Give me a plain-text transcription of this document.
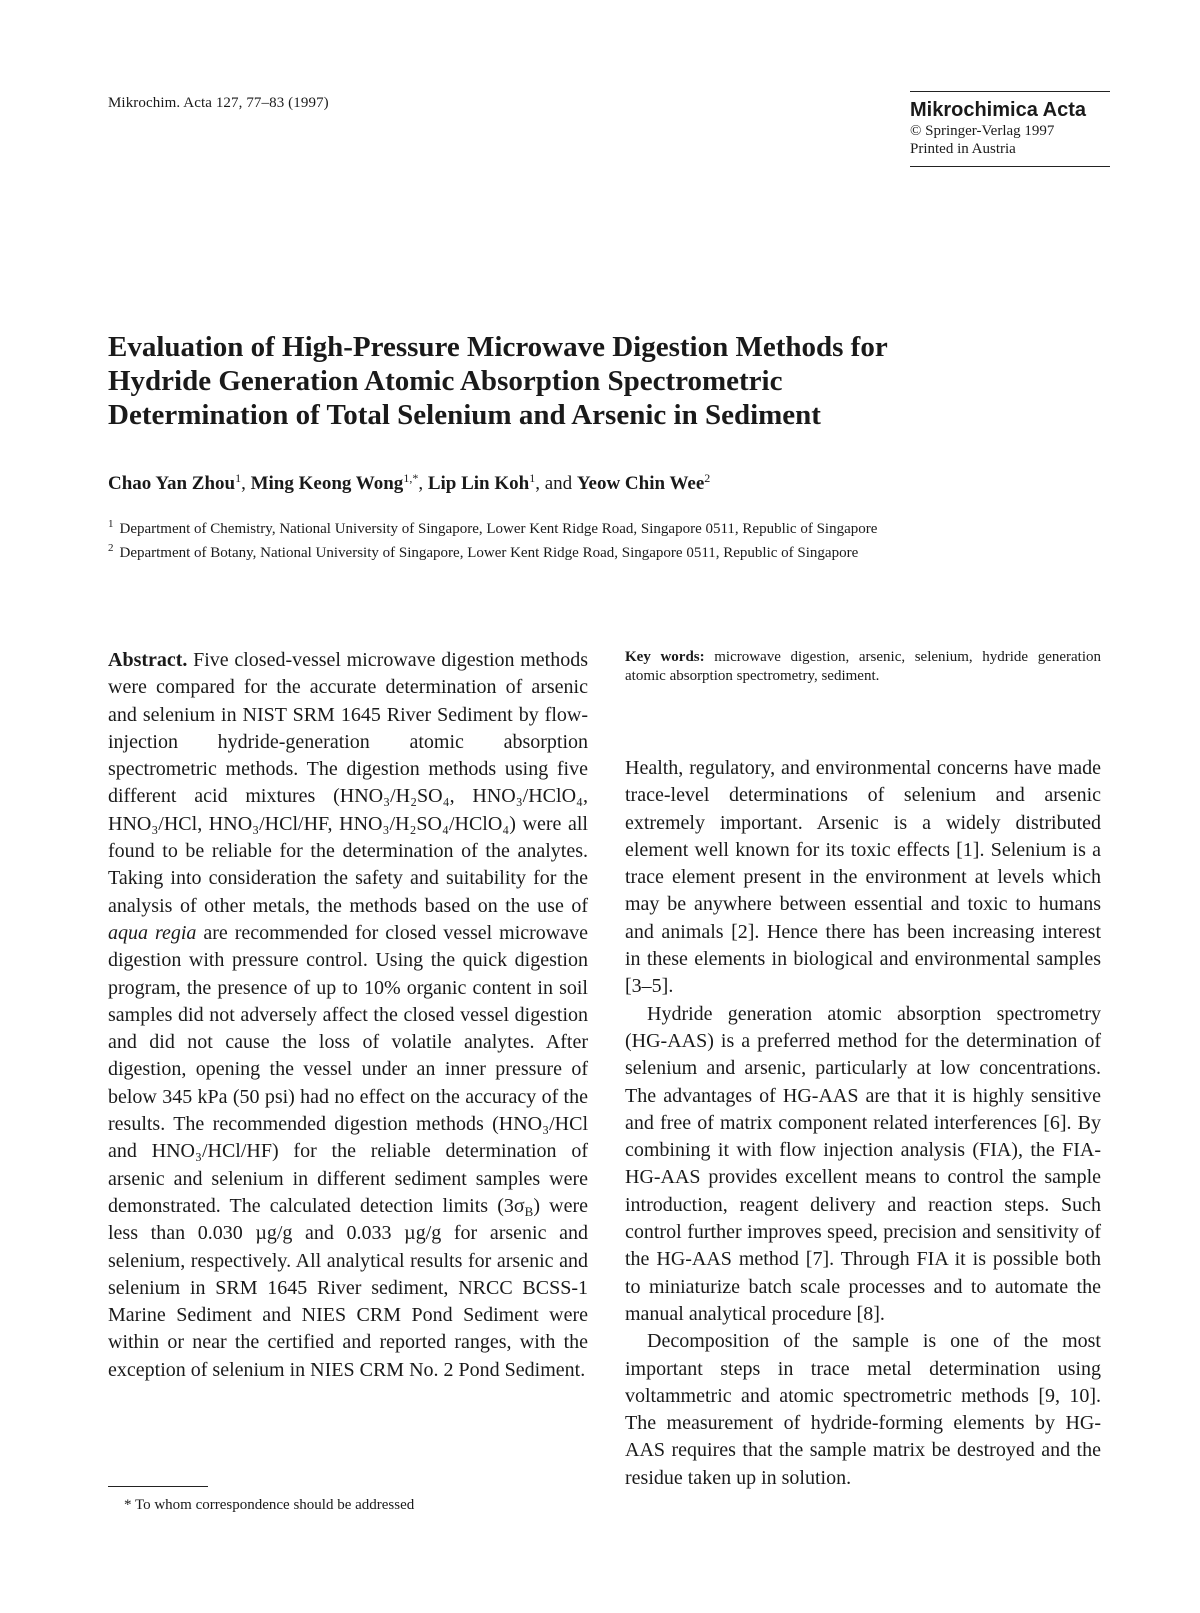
Mikrochim. Acta 127, 77–83 (1997)	Mikrochimica Acta
© Springer-Verlag 1997
Printed in Austria
Evaluation of High-Pressure Microwave Digestion Methods for
Hydride Generation Atomic Absorption Spectrometric
Determination of Total Selenium and Arsenic in Sediment
Chao Yan Zhou$^1$, Ming Keong Wong$^{1,*}$, Lip Lin Koh$^1$, and Yeow Chin Wee$^2$
$^1$ Department of Chemistry, National University of Singapore, Lower Kent Ridge Road, Singapore 0511, Republic of Singapore
$^2$ Department of Botany, National University of Singapore, Lower Kent Ridge Road, Singapore 0511, Republic of Singapore

Abstract. Five closed-vessel microwave digestion methods were compared for the accurate determination of arsenic and selenium in NIST SRM 1645 River Sediment by flow-injection hydride-generation atomic absorption spectrometric methods. The digestion methods using five different acid mixtures (HNO₃/H₂SO₄, HNO₃/HClO₄, HNO₃/HCl, HNO₃/HCl/HF, HNO₃/H₂SO₄/HClO₄) were all found to be reliable for the determination of the analytes. Taking into consideration the safety and suitability for the analysis of other metals, the methods based on the use of aqua regia are recommended for closed vessel microwave digestion with pressure control. Using the quick digestion program, the presence of up to 10% organic content in soil samples did not adversely affect the closed vessel digestion and did not cause the loss of volatile analytes. After digestion, opening the vessel under an inner pressure of below 345 kPa (50 psi) had no effect on the accuracy of the results. The recommended digestion methods (HNO₃/HCl and HNO₃/HCl/HF) for the reliable determination of arsenic and selenium in different sediment samples were demonstrated. The calculated detection limits $(3\sigma_B)$ were less than 0.030 µg/g and 0.033 µg/g for arsenic and selenium, respectively. All analytical results for arsenic and selenium in SRM 1645 River sediment, NRCC BCSS-1 Marine Sediment and NIES CRM Pond Sediment were within or near the certified and reported ranges, with the exception of selenium in NIES CRM No. 2 Pond Sediment.

Key words: microwave digestion, arsenic, selenium, hydride generation atomic absorption spectrometry, sediment.

Health, regulatory, and environmental concerns have made trace-level determinations of selenium and arsenic extremely important. Arsenic is a widely distributed element well known for its toxic effects [1]. Selenium is a trace element present in the environment at levels which may be anywhere between essential and toxic to humans and animals [2]. Hence there has been increasing interest in these elements in biological and environmental samples [3–5].

Hydride generation atomic absorption spectrometry (HG-AAS) is a preferred method for the determination of selenium and arsenic, particularly at low concentrations. The advantages of HG-AAS are that it is highly sensitive and free of matrix component related interferences [6]. By combining it with flow injection analysis (FIA), the FIA-HG-AAS provides excellent means to control the sample introduction, reagent delivery and reaction steps. Such control further improves speed, precision and sensitivity of the HG-AAS method [7]. Through FIA it is possible both to miniaturize batch scale processes and to automate the manual analytical procedure [8].

Decomposition of the sample is one of the most important steps in trace metal determination using voltammetric and atomic spectrometric methods [9, 10]. The measurement of hydride-forming elements by HG-AAS requires that the sample matrix be destroyed and the residue taken up in solution.

* To whom correspondence should be addressed
